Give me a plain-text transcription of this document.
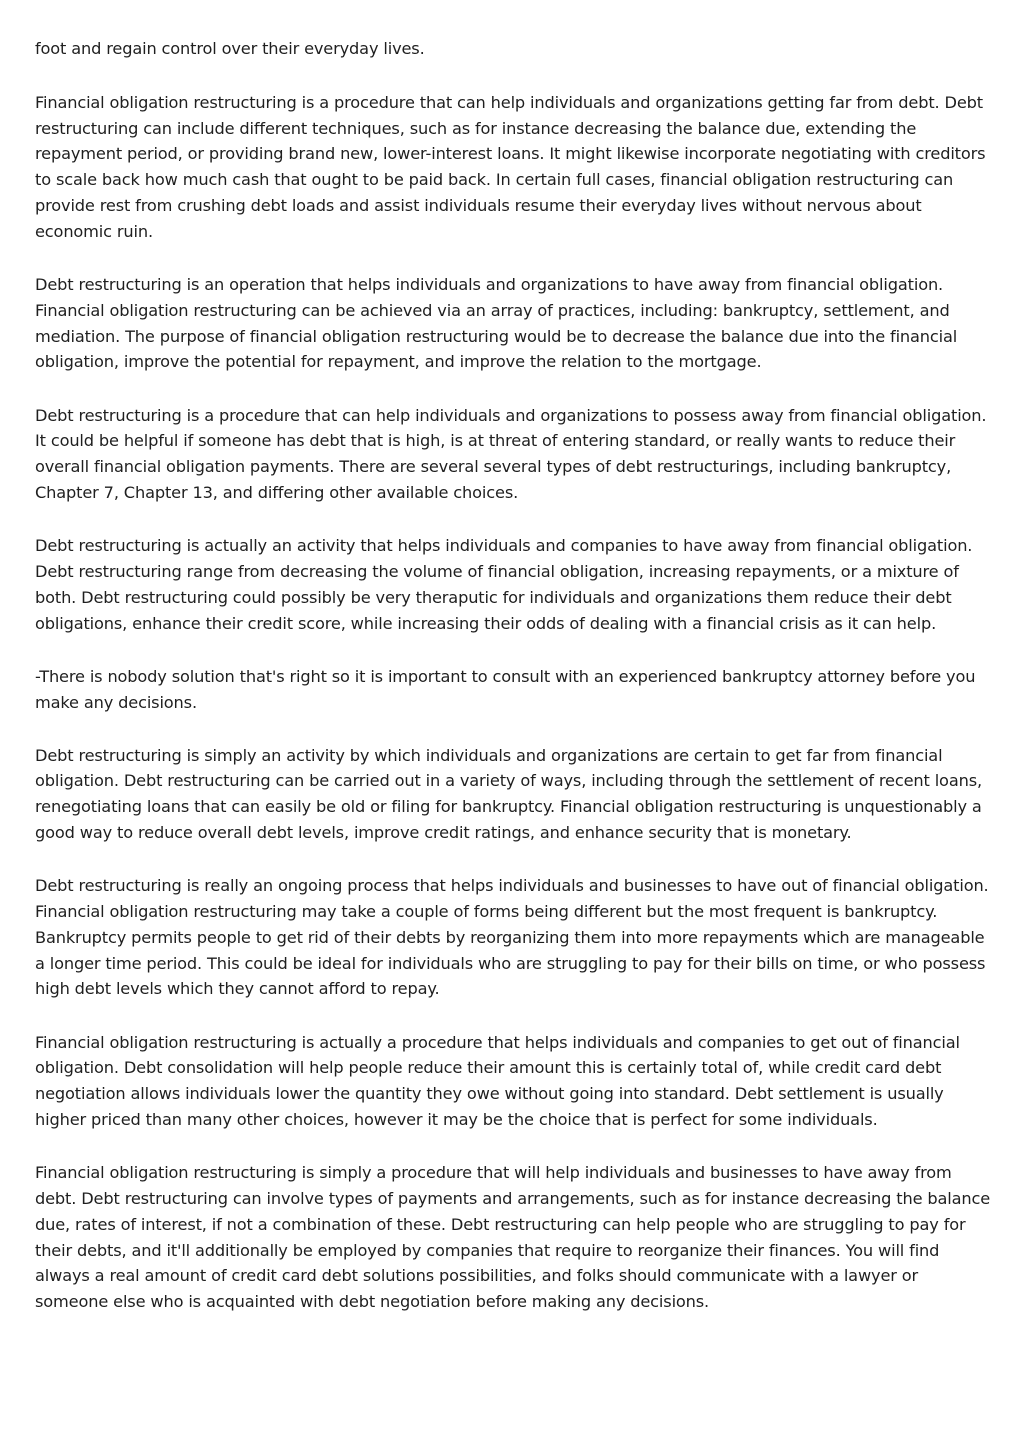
foot and regain control over their everyday lives.

Financial obligation restructuring is a procedure that can help individuals and organizations getting far from debt. Debt restructuring can include different techniques, such as for instance decreasing the balance due, extending the repayment period, or providing brand new, lower-interest loans. It might likewise incorporate negotiating with creditors to scale back how much cash that ought to be paid back. In certain full cases, financial obligation restructuring can provide rest from crushing debt loads and assist individuals resume their everyday lives without nervous about economic ruin.

Debt restructuring is an operation that helps individuals and organizations to have away from financial obligation. Financial obligation restructuring can be achieved via an array of practices, including: bankruptcy, settlement, and mediation. The purpose of financial obligation restructuring would be to decrease the balance due into the financial obligation, improve the potential for repayment, and improve the relation to the mortgage.

Debt restructuring is a procedure that can help individuals and organizations to possess away from financial obligation. It could be helpful if someone has debt that is high, is at threat of entering standard, or really wants to reduce their overall financial obligation payments. There are several several types of debt restructurings, including bankruptcy, Chapter 7, Chapter 13, and differing other available choices.

Debt restructuring is actually an activity that helps individuals and companies to have away from financial obligation. Debt restructuring range from decreasing the volume of financial obligation, increasing repayments, or a mixture of both. Debt restructuring could possibly be very theraputic for individuals and organizations them reduce their debt obligations, enhance their credit score, while increasing their odds of dealing with a financial crisis as it can help.

-There is nobody solution that's right so it is important to consult with an experienced bankruptcy attorney before you make any decisions.

Debt restructuring is simply an activity by which individuals and organizations are certain to get far from financial obligation. Debt restructuring can be carried out in a variety of ways, including through the settlement of recent loans, renegotiating loans that can easily be old or filing for bankruptcy. Financial obligation restructuring is unquestionably a good way to reduce overall debt levels, improve credit ratings, and enhance security that is monetary.

Debt restructuring is really an ongoing process that helps individuals and businesses to have out of financial obligation. Financial obligation restructuring may take a couple of forms being different but the most frequent is bankruptcy. Bankruptcy permits people to get rid of their debts by reorganizing them into more repayments which are manageable a longer time period. This could be ideal for individuals who are struggling to pay for their bills on time, or who possess high debt levels which they cannot afford to repay.

Financial obligation restructuring is actually a procedure that helps individuals and companies to get out of financial obligation. Debt consolidation will help people reduce their amount this is certainly total of, while credit card debt negotiation allows individuals lower the quantity they owe without going into standard. Debt settlement is usually higher priced than many other choices, however it may be the choice that is perfect for some individuals.

Financial obligation restructuring is simply a procedure that will help individuals and businesses to have away from debt. Debt restructuring can involve types of payments and arrangements, such as for instance decreasing the balance due, rates of interest, if not a combination of these. Debt restructuring can help people who are struggling to pay for their debts, and it'll additionally be employed by companies that require to reorganize their finances. You will find always a real amount of credit card debt solutions possibilities, and folks should communicate with a lawyer or someone else who is acquainted with debt negotiation before making any decisions.
